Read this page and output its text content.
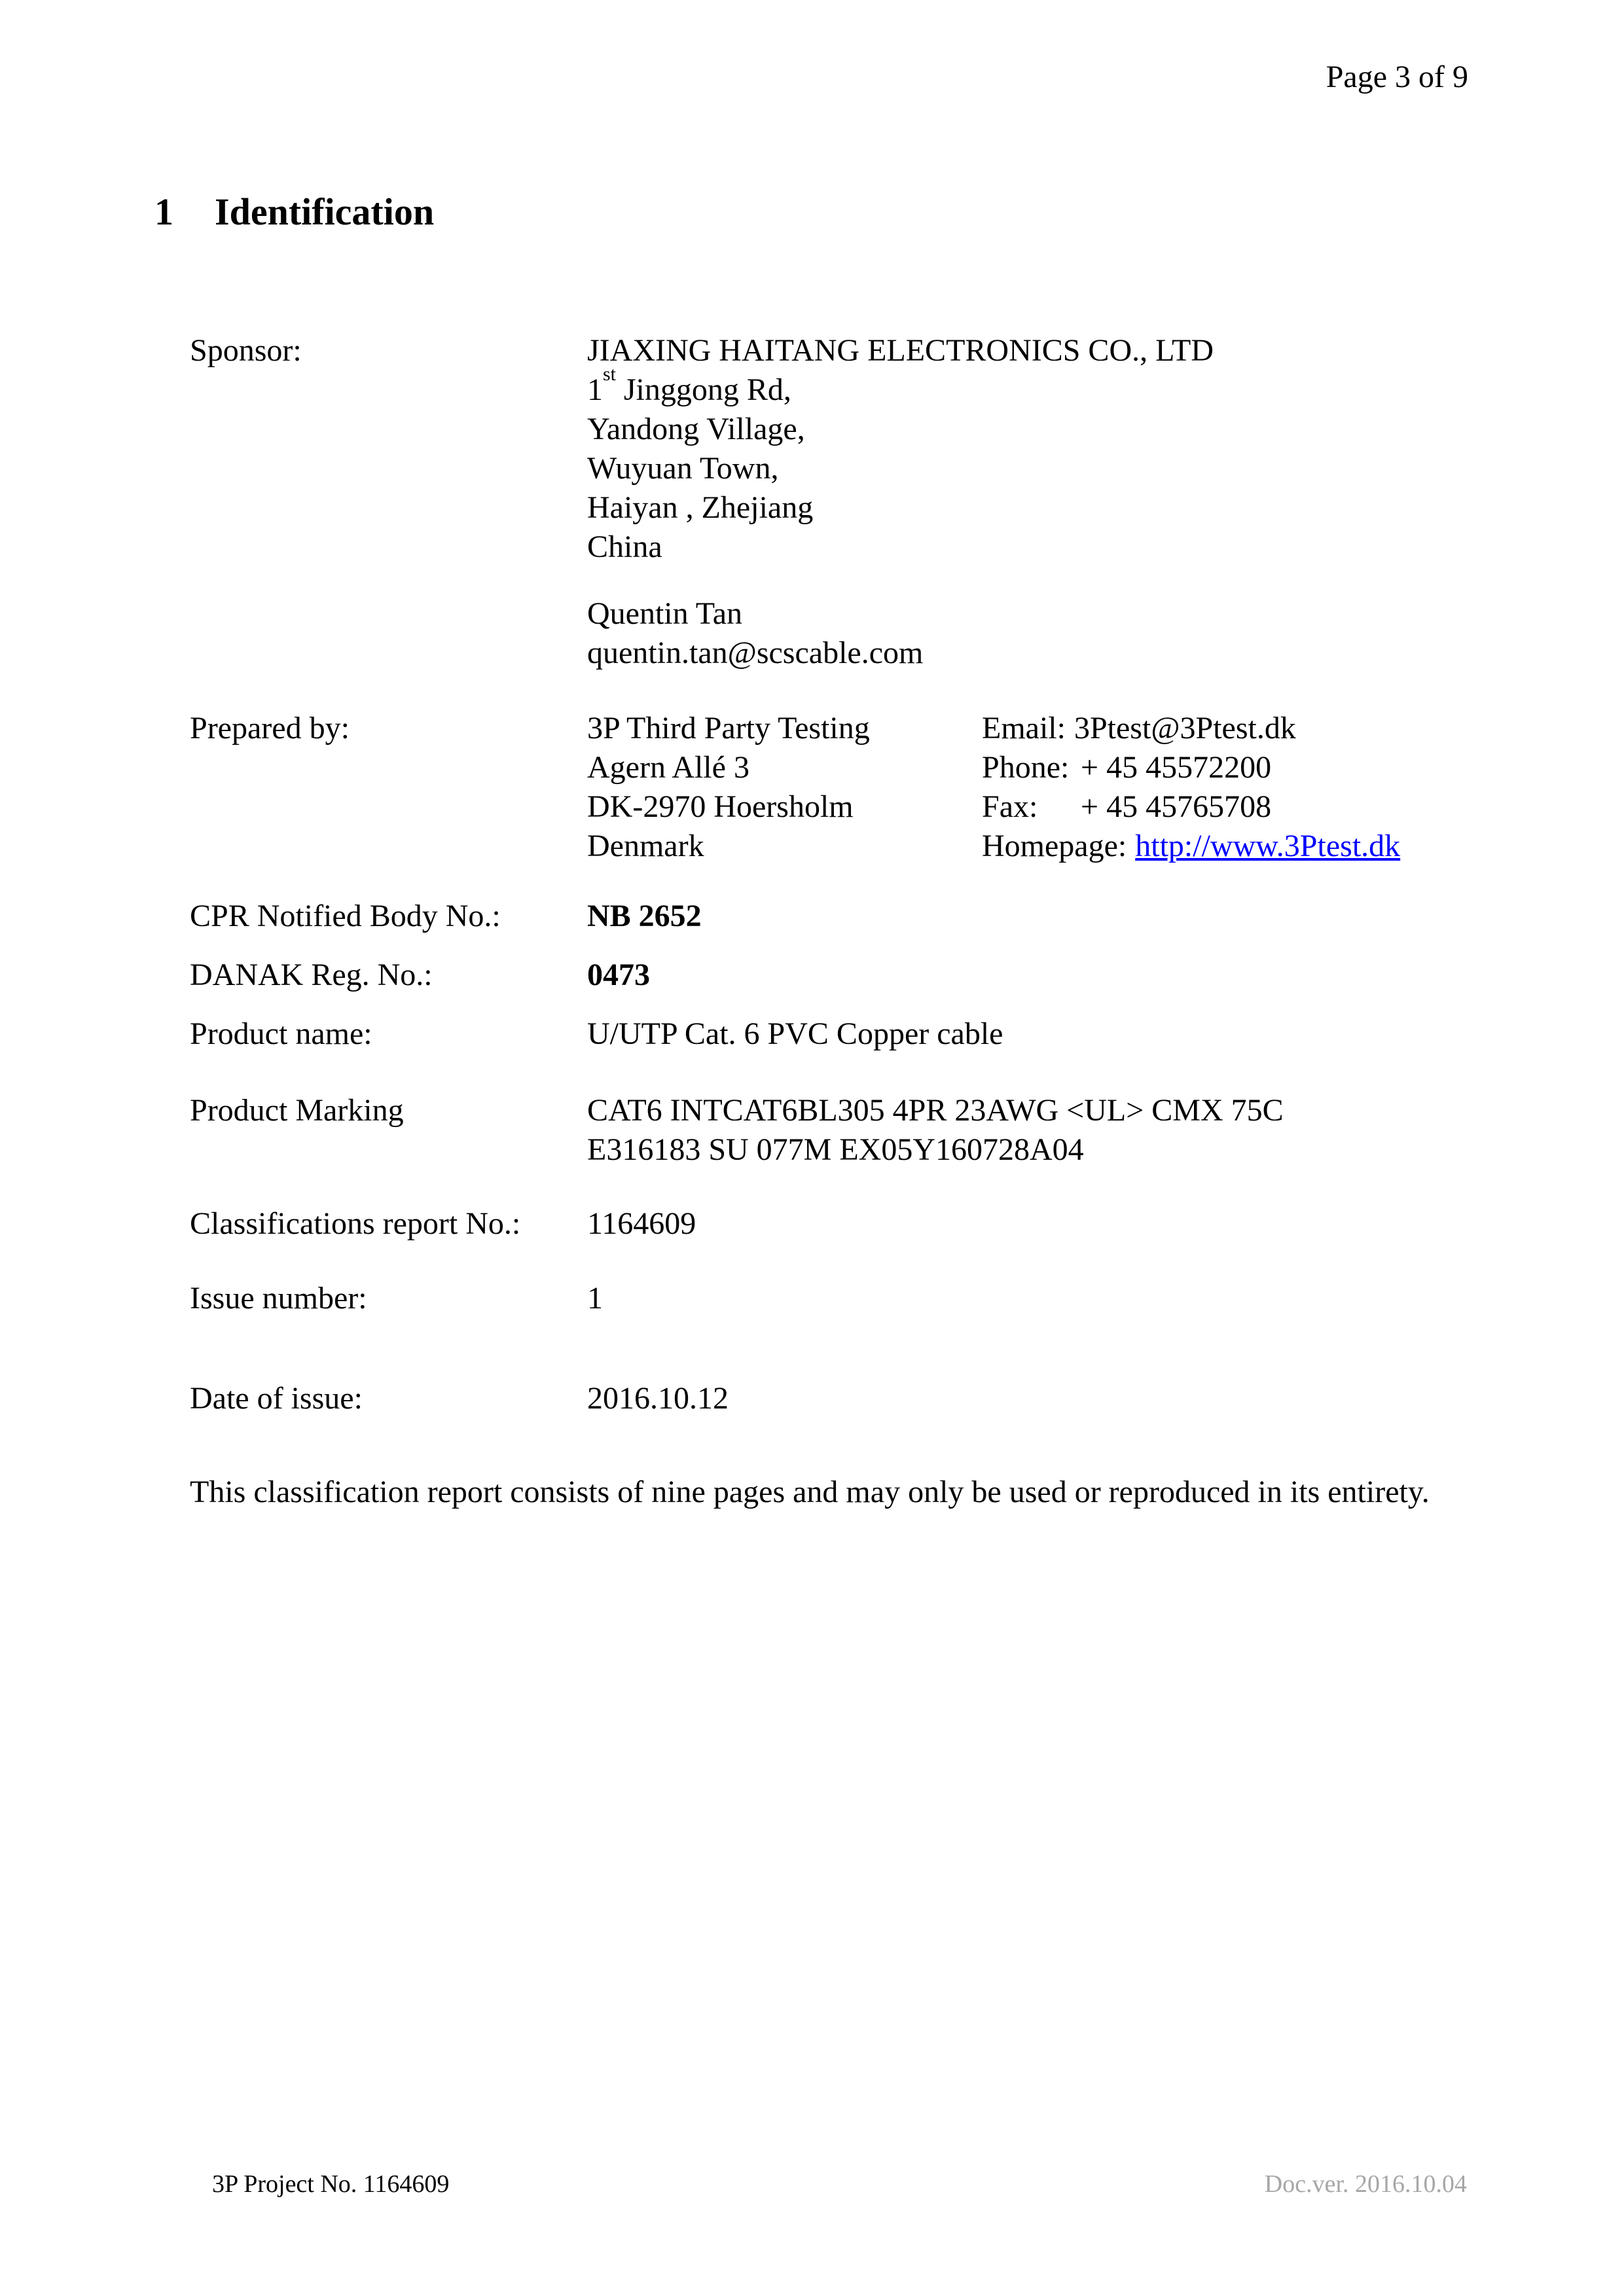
Page 3 of 9
1 Identification
Sponsor:	JIAXING HAITANG ELECTRONICS CO., LTD
1st Jinggong Rd,
Yandong Village,
Wuyuan Town,
Haiyan , Zhejiang
China
Quentin Tan
quentin.tan@scscable.com
Prepared by:	3P Third Party Testing
Agern Allé 3
DK-2970 Hoersholm
Denmark
Email: 3Ptest@3Ptest.dk
Phone: + 45 45572200
Fax: + 45 45765708
Homepage: http://www.3Ptest.dk
CPR Notified Body No.:	NB 2652
DANAK Reg. No.:	0473
Product name:	U/UTP Cat. 6 PVC Copper cable
Product Marking	CAT6 INTCAT6BL305 4PR 23AWG <UL> CMX 75C
E316183 SU 077M EX05Y160728A04
Classifications report No.: 1164609
Issue number:	1
Date of issue:	2016.10.12
This classification report consists of nine pages and may only be used or reproduced in its entirety.
3P Project No. 1164609	Doc.ver. 2016.10.04
